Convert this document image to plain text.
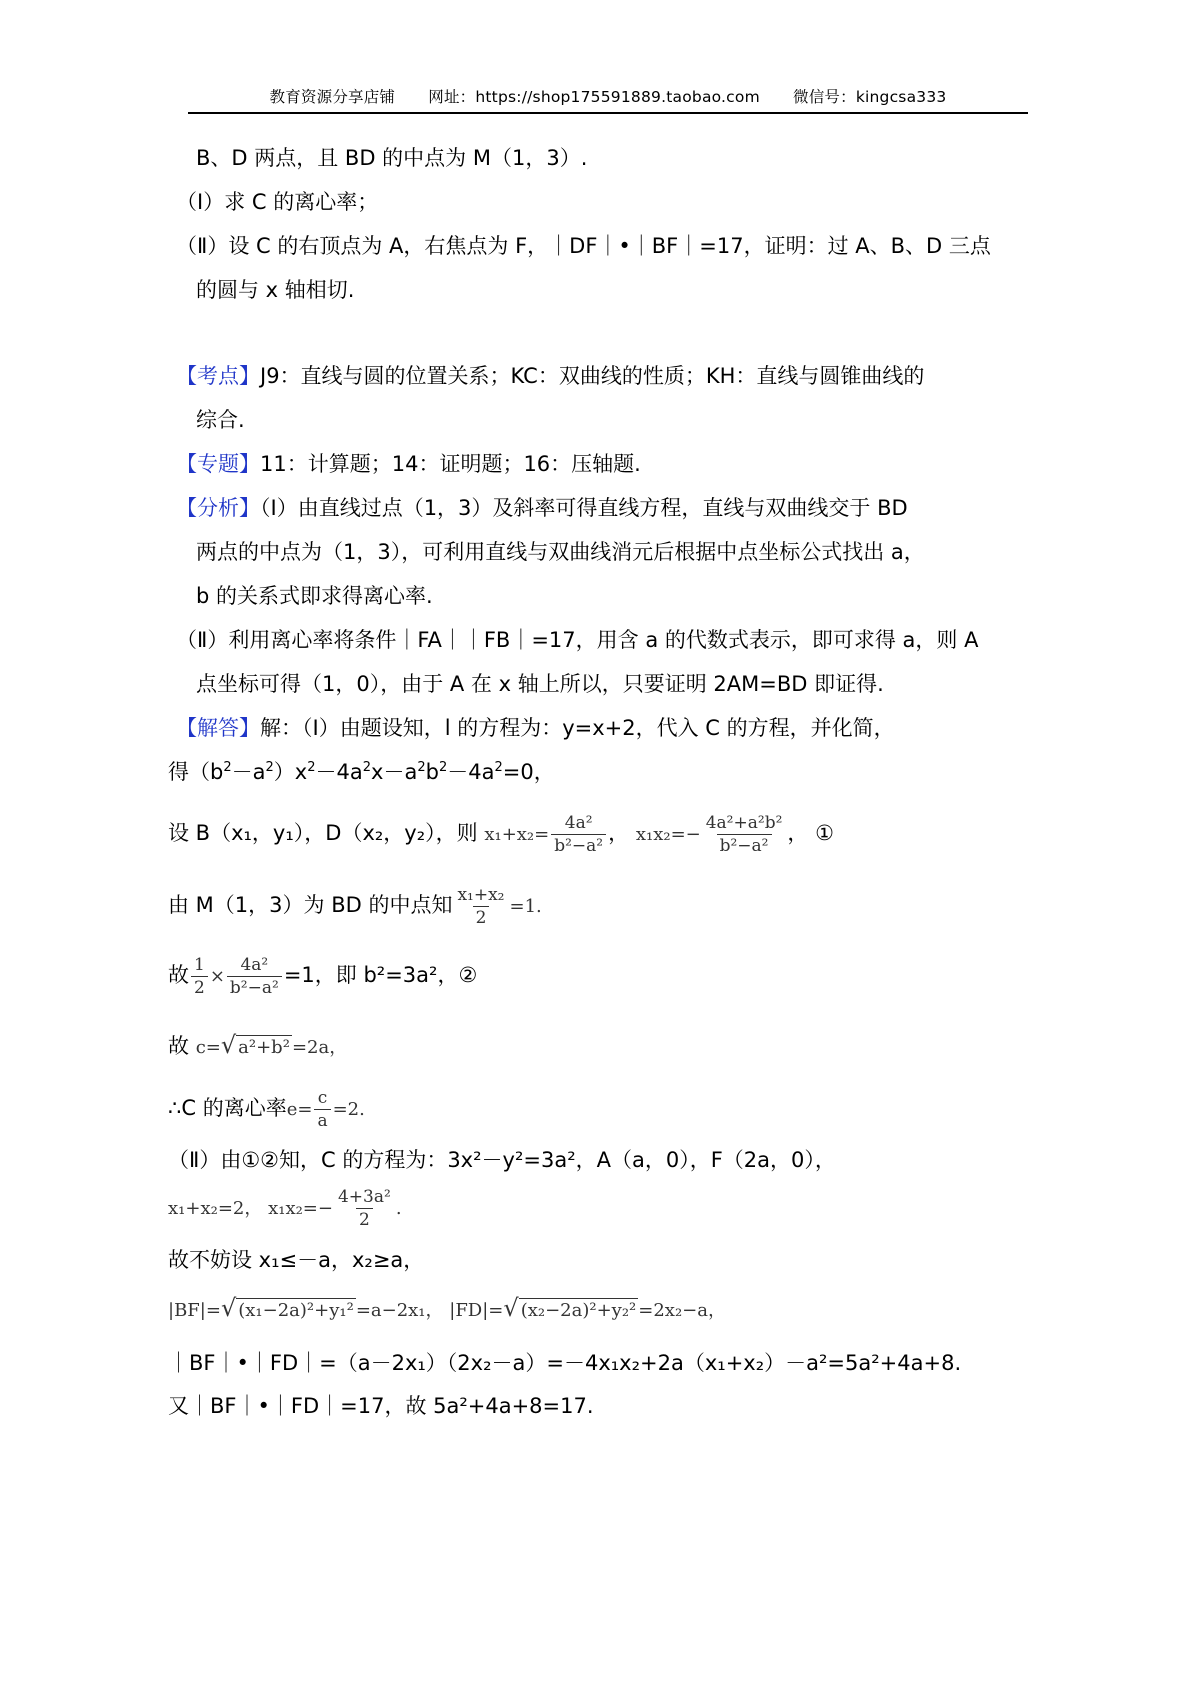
教育资源分享店铺 网址：https://shop175591889.taobao.com 微信号：kingcsa333
B、D 两点，且 BD 的中点为 M（1，3）.
（Ⅰ）求 C 的离心率；
（Ⅱ）设 C 的右顶点为 A，右焦点为 F，｜DF｜•｜BF｜=17，证明：过 A、B、D 三点
的圆与 x 轴相切.
【考点】J9：直线与圆的位置关系；KC：双曲线的性质；KH：直线与圆锥曲线的
综合.
【专题】11：计算题；14：证明题；16：压轴题.
【分析】（Ⅰ）由直线过点（1，3）及斜率可得直线方程，直线与双曲线交于 BD
两点的中点为（1，3），可利用直线与双曲线消元后根据中点坐标公式找出 a，
b 的关系式即求得离心率.
（Ⅱ）利用离心率将条件｜FA｜｜FB｜=17，用含 a 的代数式表示，即可求得 a，则 A
点坐标可得（1，0），由于 A 在 x 轴上所以，只要证明 2AM=BD 即证得.
【解答】解：（Ⅰ）由题设知，l 的方程为：y=x+2，代入 C 的方程，并化简，
得$(b^2-a^2)x^2-4a^2x-a^2b^2-4a^2=0$，
设 B（x₁，y₁），D（x₂，y₂），则 $x_1+x_2= \frac{\text{4a²}}{\text{b²−a²}}$ ， $x_1x_2=- \frac{\text{4a²+a²b²}}{\text{b²−a²}}$ ， ①
由 M（1，3）为 BD 的中点知 $\frac{\text{x₁+x₂}}{2} =1$.
故 $\frac{1}{2} \times \frac{\text{4a²}}{\text{b²−a²}} =1$，即 b²=3a²，②
故 c=√ a²+b² =2a，
∴C 的离心率$e= \frac{c}{a} =2$.
（Ⅱ）由①②知，C 的方程为：3x²－y²=3a²，A（a，0），F（2a，0），
x₁+x₂=2， $x_1x_2=- \frac{\text{4+3a²}}{2}$ .
故不妨设 x₁≤－a，x₂≥a，
|BF|=√ (x₁−2a)²+y₁² =a−2x₁， |FD|=√ (x₂−2a)²+y₂² =2x₂−a，
｜BF｜•｜FD｜=（a－2x₁）（2x₂－a）=－4x₁x₂+2a（x₁+x₂）－a²=5a²+4a+8.
又｜BF｜•｜FD｜=17，故 5a²+4a+8=17.
